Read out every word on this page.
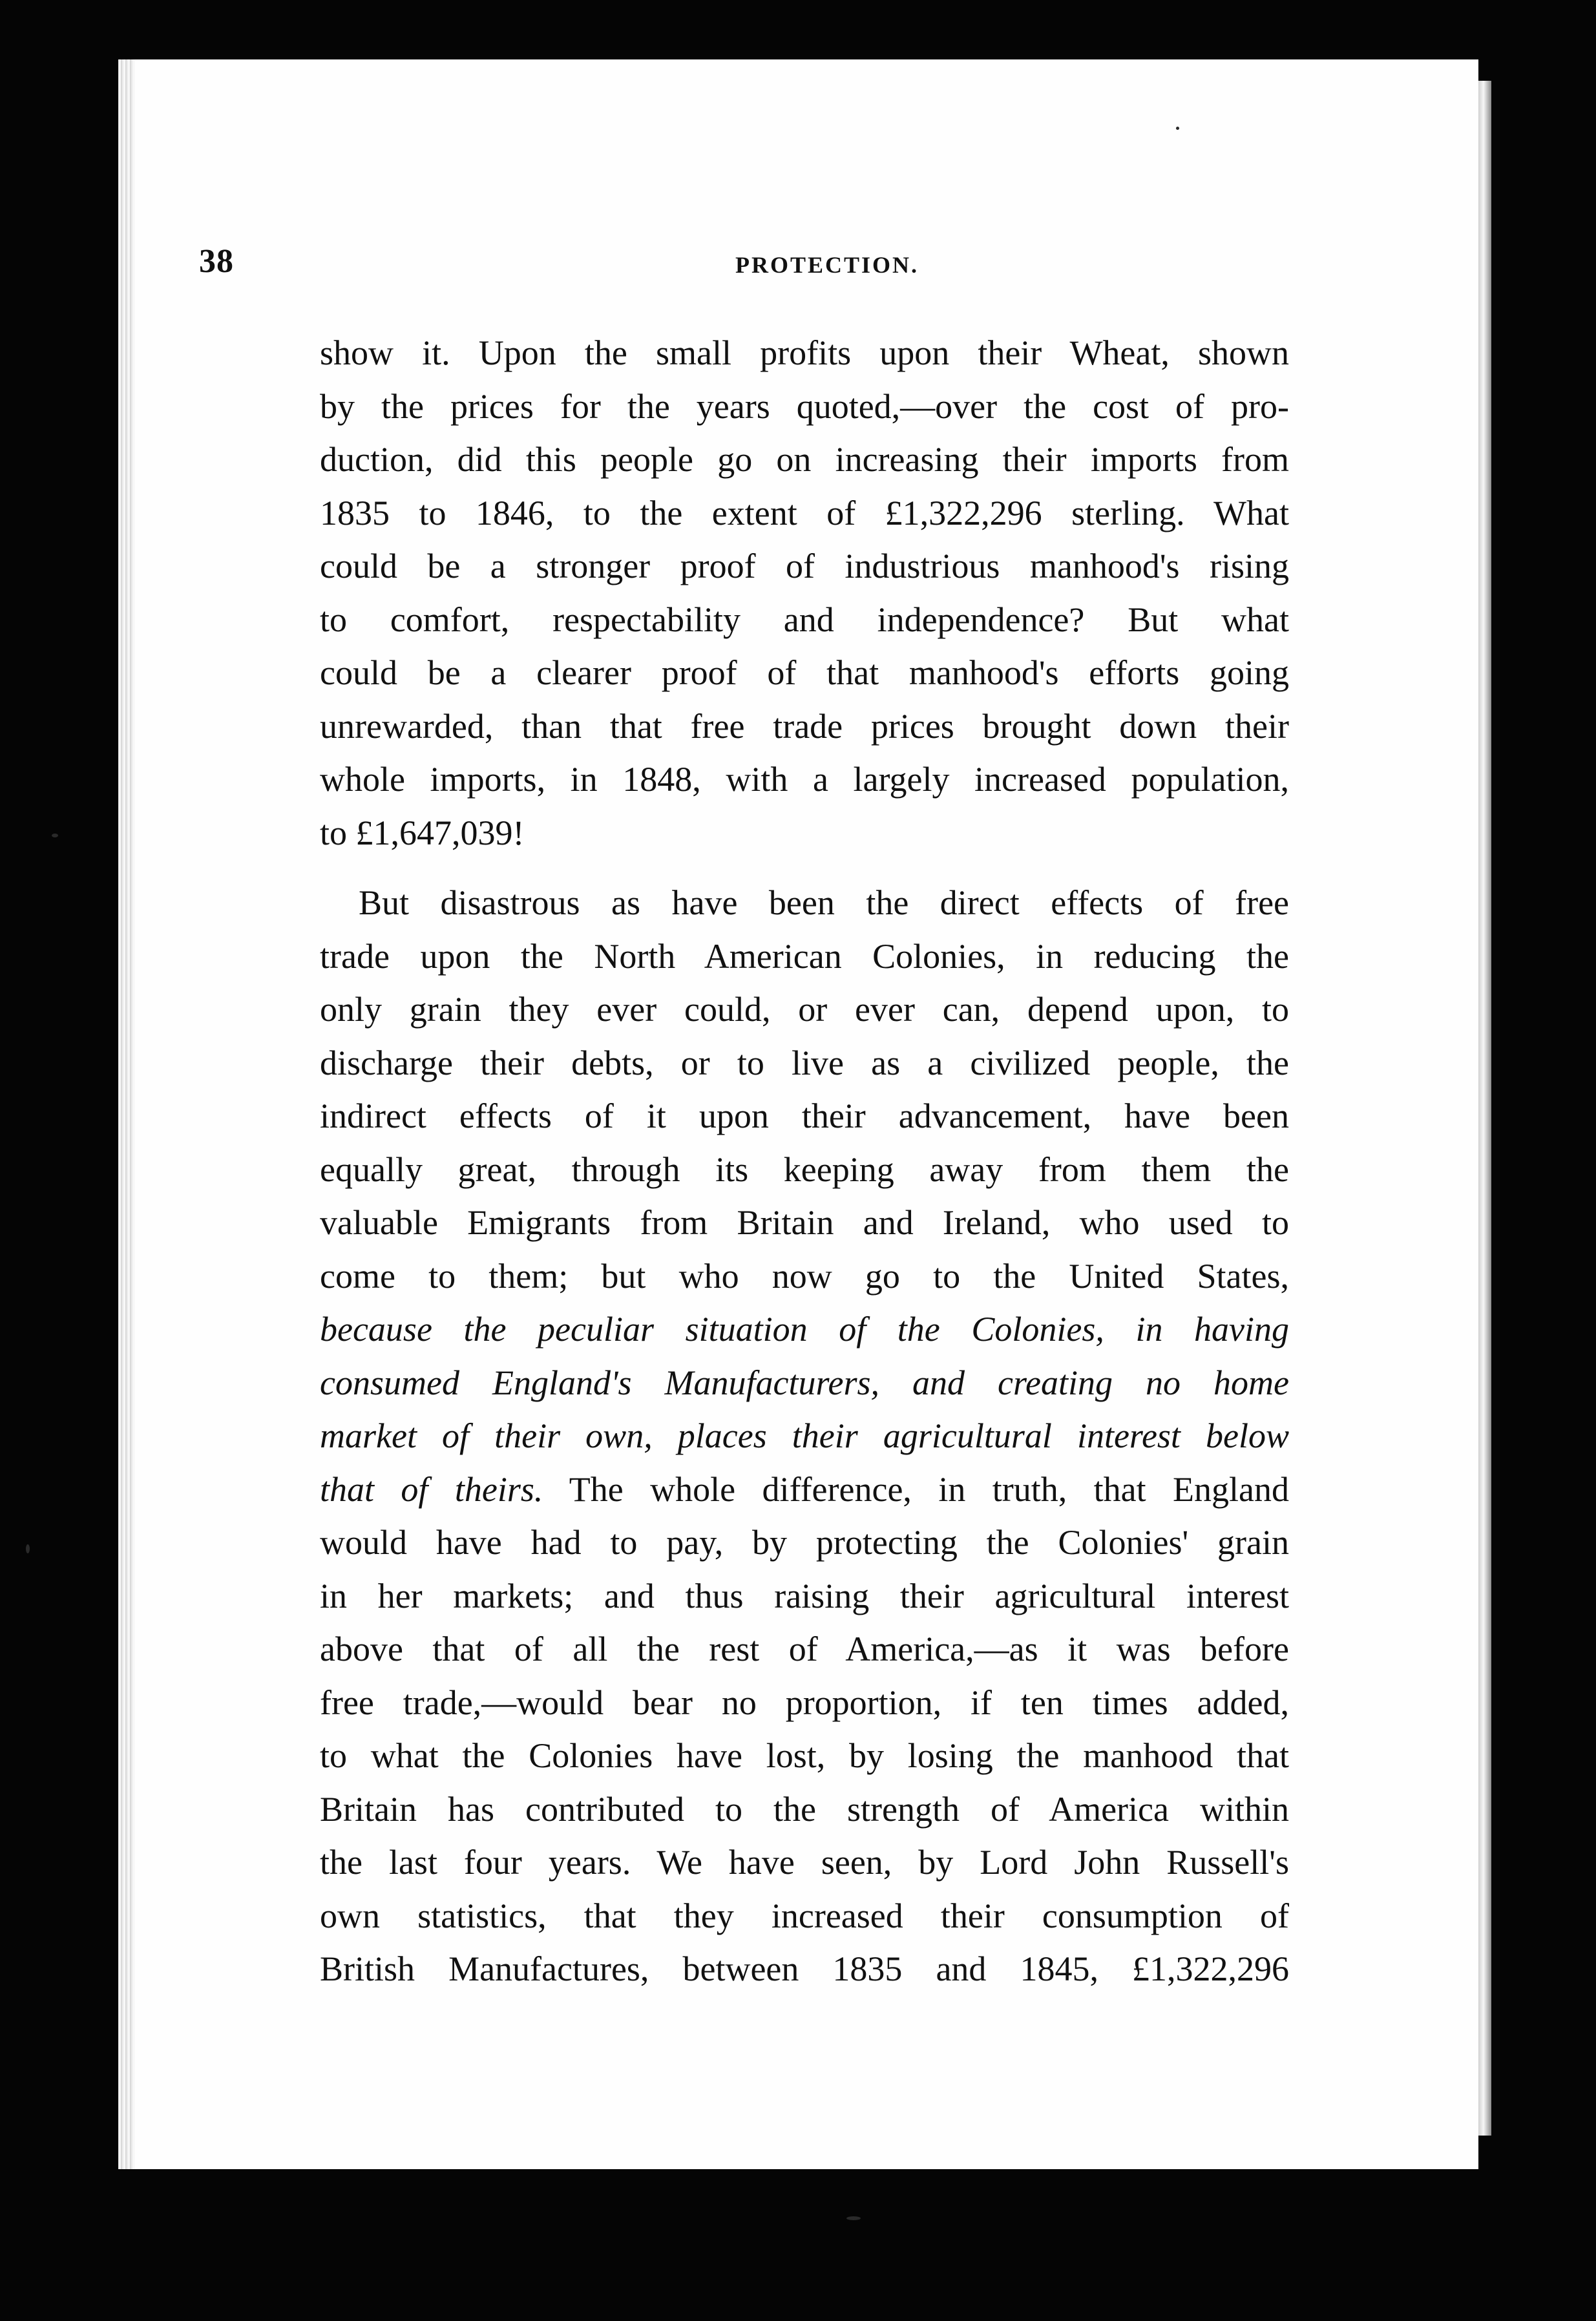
38	PROTECTION.
show it. Upon the small profits upon their Wheat, shown
by the prices for the years quoted,—over the cost of pro-
duction, did this people go on increasing their imports from
1835 to 1846, to the extent of £1,322,296 sterling. What
could be a stronger proof of industrious manhood's rising
to comfort, respectability and independence? But what
could be a clearer proof of that manhood's efforts going
unrewarded, than that free trade prices brought down their
whole imports, in 1848, with a largely increased population,
to £1,647,039!
But disastrous as have been the direct effects of free
trade upon the North American Colonies, in reducing the
only grain they ever could, or ever can, depend upon, to
discharge their debts, or to live as a civilized people, the
indirect effects of it upon their advancement, have been
equally great, through its keeping away from them the
valuable Emigrants from Britain and Ireland, who used to
come to them; but who now go to the United States,
because the peculiar situation of the Colonies, in having
consumed England's Manufacturers, and creating no home
market of their own, places their agricultural interest below
that of theirs. The whole difference, in truth, that England
would have had to pay, by protecting the Colonies' grain
in her markets; and thus raising their agricultural interest
above that of all the rest of America,—as it was before
free trade,—would bear no proportion, if ten times added,
to what the Colonies have lost, by losing the manhood that
Britain has contributed to the strength of America within
the last four years. We have seen, by Lord John Russell's
own statistics, that they increased their consumption of
British Manufactures, between 1835 and 1845, £1,322,296
